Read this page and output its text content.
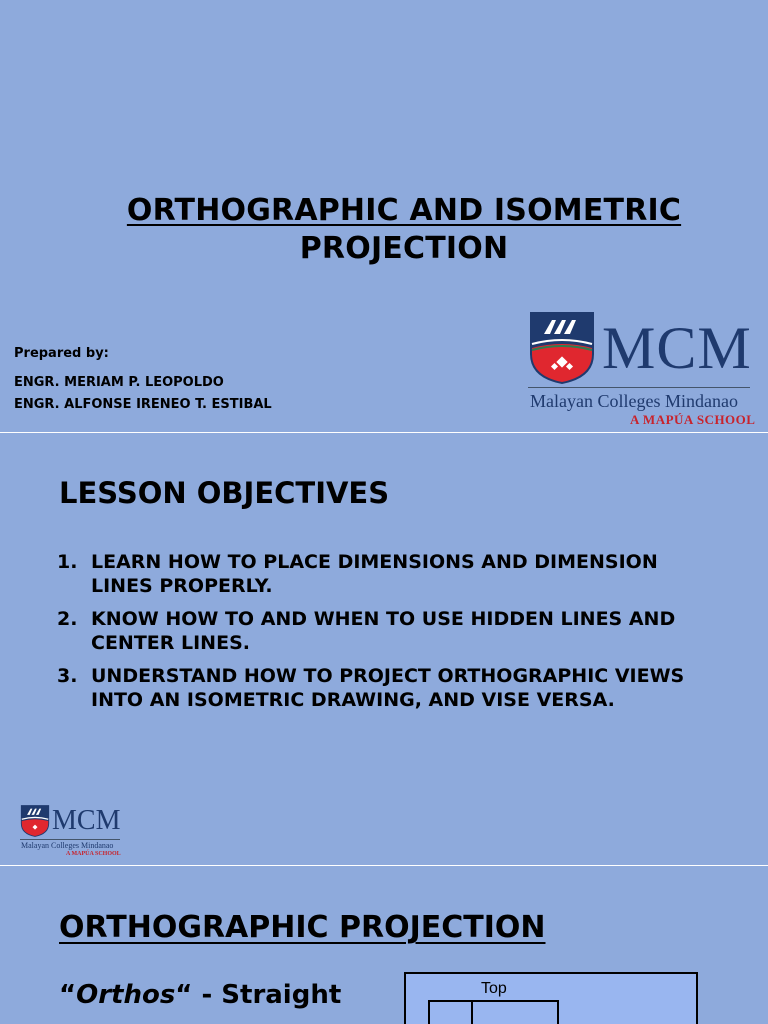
ORTHOGRAPHIC AND ISOMETRIC
PROJECTION
Prepared by:
ENGR. MERIAM P. LEOPOLDO
ENGR. ALFONSE IRENEO T. ESTIBAL
MCM
Malayan Colleges Mindanao
A MAPÚA SCHOOL
LESSON OBJECTIVES
1. LEARN HOW TO PLACE DIMENSIONS AND DIMENSION LINES PROPERLY.
2. KNOW HOW TO AND WHEN TO USE HIDDEN LINES AND CENTER LINES.
3. UNDERSTAND HOW TO PROJECT ORTHOGRAPHIC VIEWS INTO AN ISOMETRIC DRAWING, AND VISE VERSA.
MCM
Malayan Colleges Mindanao
A MAPÚA SCHOOL
ORTHOGRAPHIC PROJECTION
“Orthos“ - Straight	Top
